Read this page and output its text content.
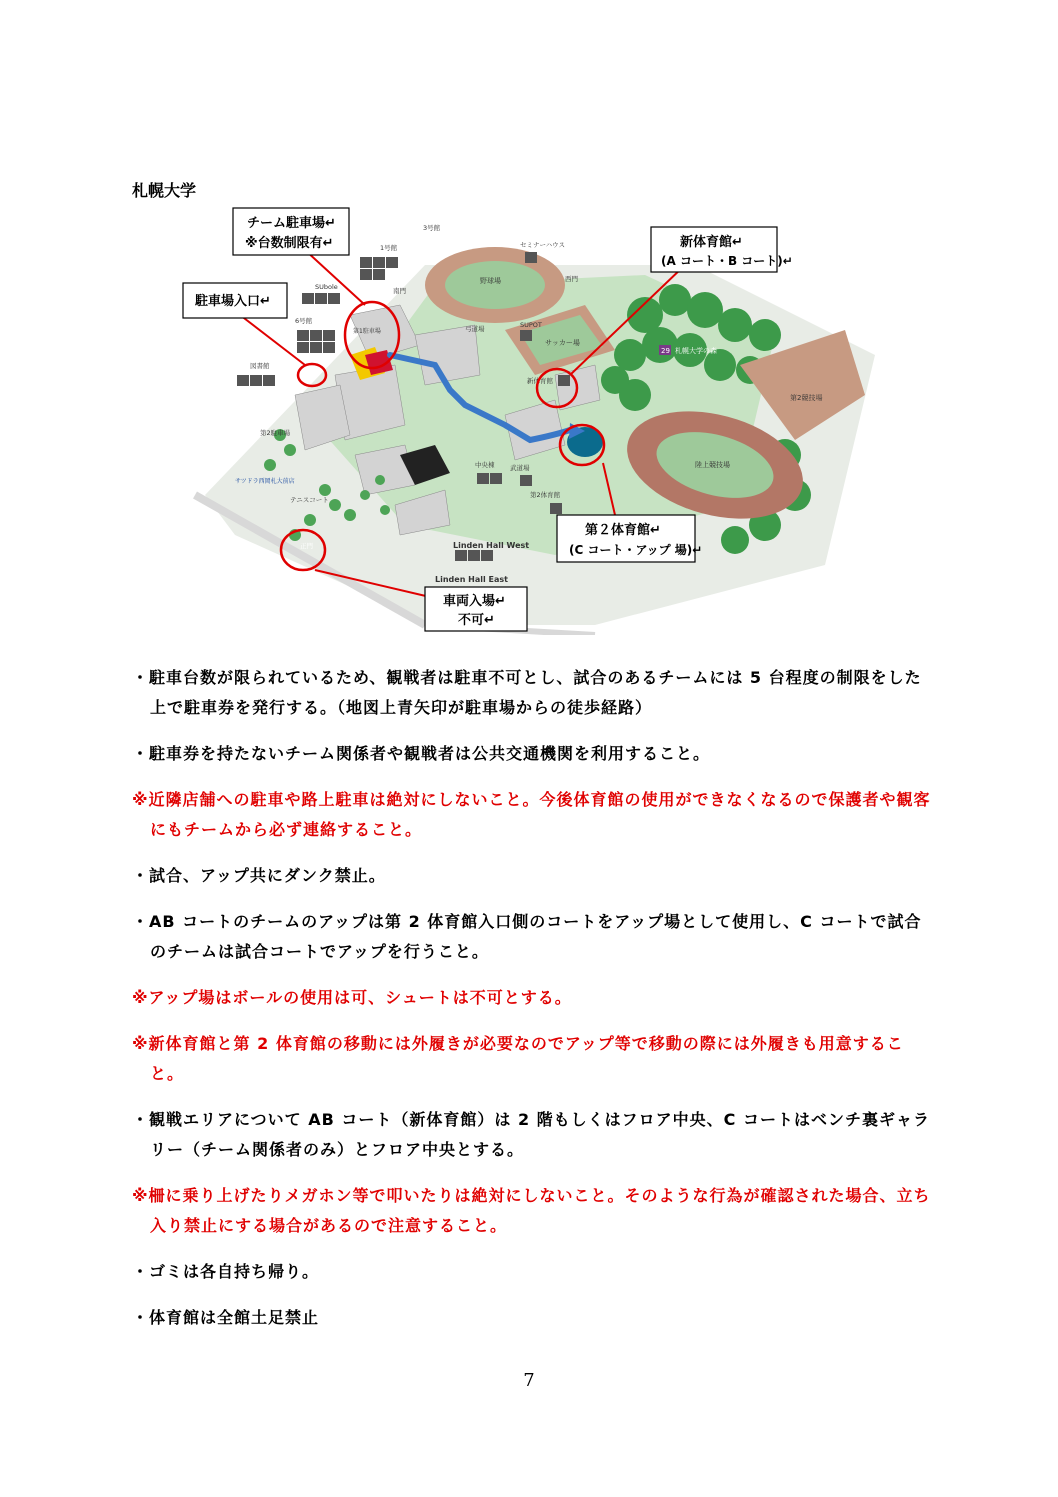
札幌大学
野球場
サッカー場
札幌大学の森
29
第2競技場
陸上競技場
3号館
1号館	セミナーハウス
南門
西門
SUbole
6号館
図書館
SUPOT
弓道場
新体育館
中央棟 武道場
第2体育館
テニスコート
正門
第2駐車場
サツドラ西岡札大前店
Linden Hall West
Linden Hall East
第1駐車場
チーム駐車場↵
※台数制限有↵
駐車場入口↵
新体育館↵
(A コート・B コート)↵
第２体育館↵
(C コート・アップ 場)↵
車両入場↵
不可↵
・駐車台数が限られているため、観戦者は駐車不可とし、試合のあるチームには 5 台程度の制限をした上で駐車券を発行する。（地図上青矢印が駐車場からの徒歩経路）
・駐車券を持たないチーム関係者や観戦者は公共交通機関を利用すること。
※近隣店舗への駐車や路上駐車は絶対にしないこと。今後体育館の使用ができなくなるので保護者や観客にもチームから必ず連絡すること。
・試合、アップ共にダンク禁止。
・AB コートのチームのアップは第 2 体育館入口側のコートをアップ場として使用し、C コートで試合のチームは試合コートでアップを行うこと。
※アップ場はボールの使用は可、シュートは不可とする。
※新体育館と第 2 体育館の移動には外履きが必要なのでアップ等で移動の際には外履きも用意すること。
・観戦エリアについて AB コート（新体育館）は 2 階もしくはフロア中央、C コートはベンチ裏ギャラリー（チーム関係者のみ）とフロア中央とする。
※柵に乗り上げたりメガホン等で叩いたりは絶対にしないこと。そのような行為が確認された場合、立ち入り禁止にする場合があるので注意すること。
・ゴミは各自持ち帰り。
・体育館は全館土足禁止
7
